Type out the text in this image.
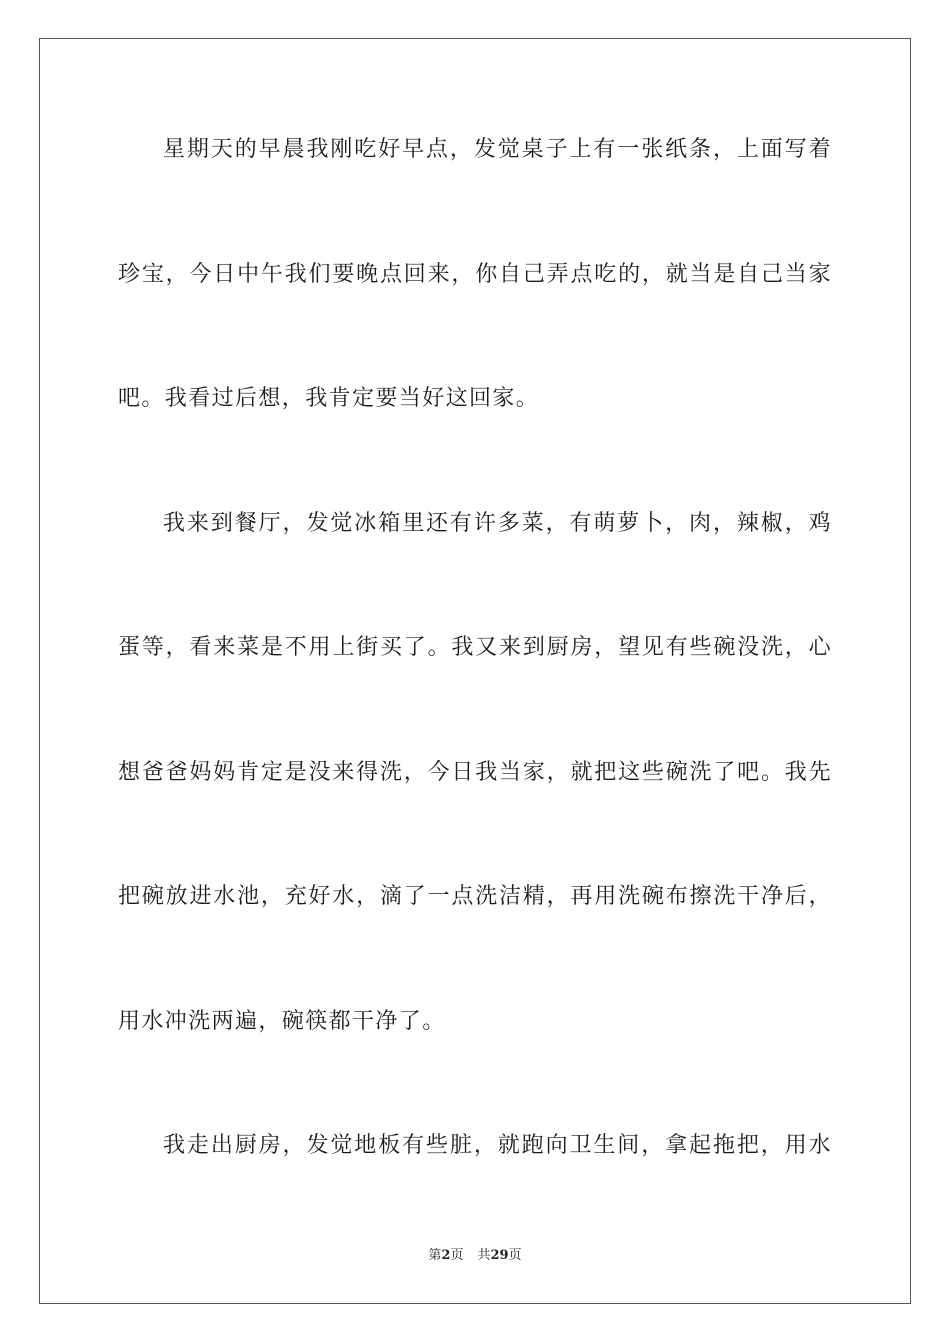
星期天的早晨我刚吃好早点，发觉桌子上有一张纸条，上面写着
珍宝，今日中午我们要晚点回来，你自己弄点吃的，就当是自己当家
吧。我看过后想，我肯定要当好这回家。
我来到餐厅，发觉冰箱里还有许多菜，有萌萝卜，肉，辣椒，鸡
蛋等，看来菜是不用上街买了。我又来到厨房，望见有些碗没洗，心
想爸爸妈妈肯定是没来得洗，今日我当家，就把这些碗洗了吧。我先
把碗放进水池，充好水，滴了一点洗洁精，再用洗碗布擦洗干净后，
用水冲洗两遍，碗筷都干净了。
我走出厨房，发觉地板有些脏，就跑向卫生间，拿起拖把，用水
第2页 共29页
